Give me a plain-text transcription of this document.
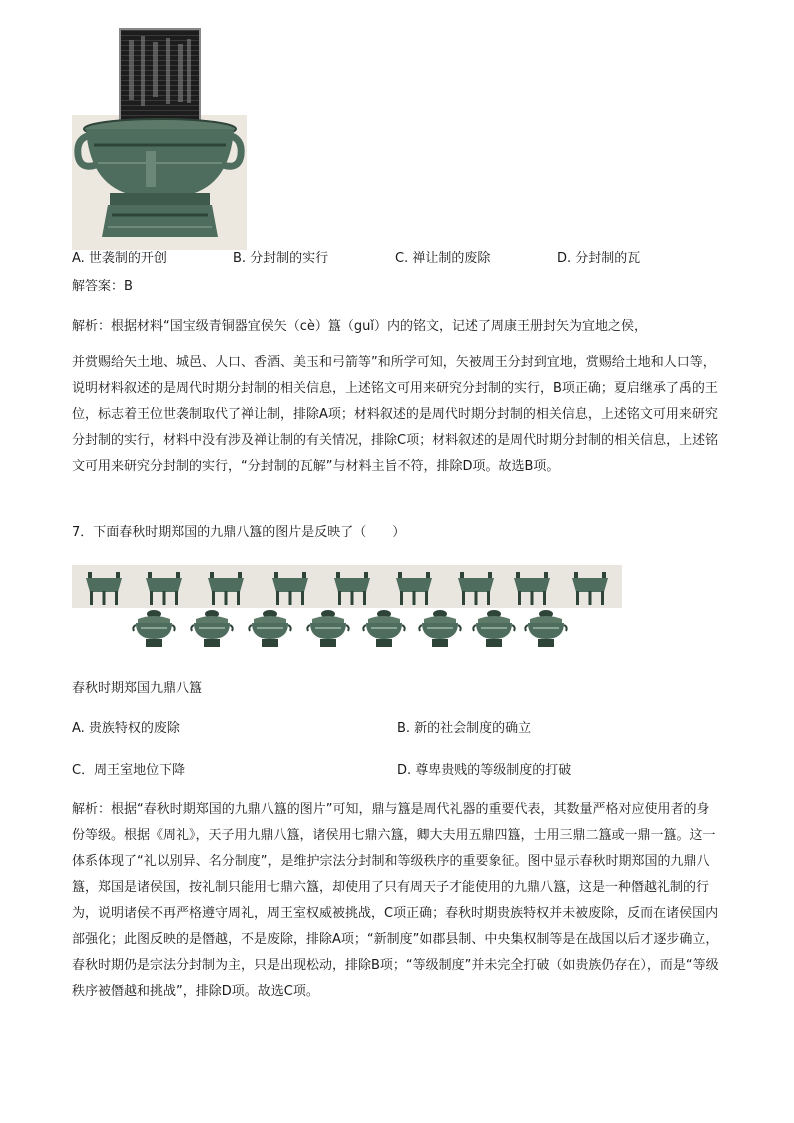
A. 世袭制的开创	B. 分封制的实行	C. 禅让制的废除	D. 分封制的瓦
解答案：B
解析：根据材料“国宝级青铜器宜侯矢（cè）簋（guǐ）内的铭文，记述了周康王册封矢为宜地之侯，
并赏赐给矢土地、城邑、人口、香酒、美玉和弓箭等”和所学可知，矢被周王分封到宜地，赏赐给土地和人口等，说明材料叙述的是周代时期分封制的相关信息，上述铭文可用来研究分封制的实行，B项正确；夏启继承了禹的王位，标志着王位世袭制取代了禅让制，排除A项；材料叙述的是周代时期分封制的相关信息，上述铭文可用来研究分封制的实行，材料中没有涉及禅让制的有关情况，排除C项；材料叙述的是周代时期分封制的相关信息，上述铭文可用来研究分封制的实行，“分封制的瓦解”与材料主旨不符，排除D项。故选B项。
7．下面春秋时期郑国的九鼎八簋的图片是反映了（　　）
春秋时期郑国九鼎八簋
A. 贵族特权的废除	B. 新的社会制度的确立
C．周王室地位下降	D. 尊卑贵贱的等级制度的打破
解析：根据“春秋时期郑国的九鼎八簋的图片”可知，鼎与簋是周代礼器的重要代表，其数量严格对应使用者的身份等级。根据《周礼》，天子用九鼎八簋，诸侯用七鼎六簋，卿大夫用五鼎四簋，士用三鼎二簋或一鼎一簋。这一体系体现了“礼以别异、名分制度”，是维护宗法分封制和等级秩序的重要象征。图中显示春秋时期郑国的九鼎八簋，郑国是诸侯国，按礼制只能用七鼎六簋，却使用了只有周天子才能使用的九鼎八簋，这是一种僭越礼制的行为，说明诸侯不再严格遵守周礼，周王室权威被挑战，C项正确；春秋时期贵族特权并未被废除，反而在诸侯国内部强化；此图反映的是僭越，不是废除，排除A项；“新制度”如郡县制、中央集权制等是在战国以后才逐步确立，春秋时期仍是宗法分封制为主，只是出现松动，排除B项；“等级制度”并未完全打破（如贵族仍存在），而是“等级秩序被僭越和挑战”，排除D项。故选C项。
